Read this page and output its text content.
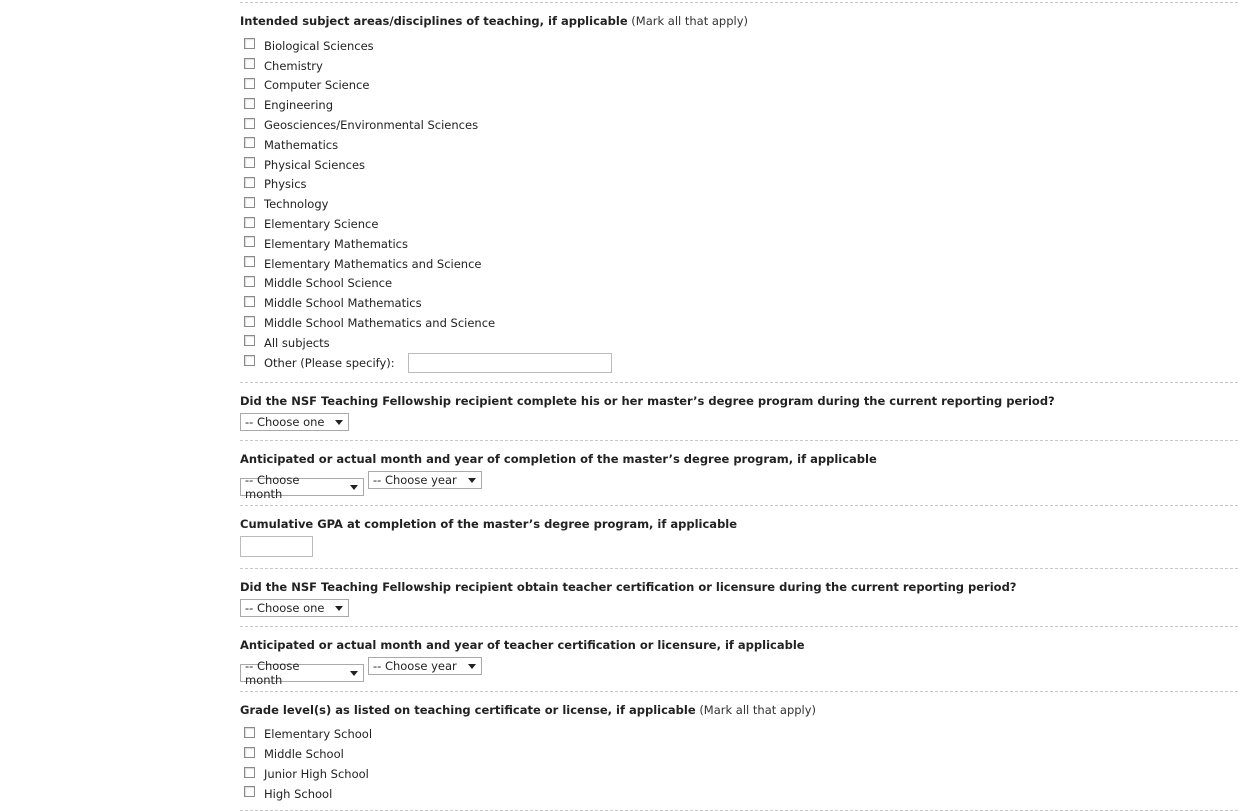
Intended subject areas/disciplines of teaching, if applicable (Mark all that apply)
Biological Sciences
Chemistry
Computer Science
Engineering
Geosciences/Environmental Sciences
Mathematics
Physical Sciences
Physics
Technology
Elementary Science
Elementary Mathematics
Elementary Mathematics and Science
Middle School Science
Middle School Mathematics
Middle School Mathematics and Science
All subjects
Other (Please specify):
Did the NSF Teaching Fellowship recipient complete his or her master’s degree program during the current reporting period?
-- Choose one
Anticipated or actual month and year of completion of the master’s degree program, if applicable
-- Choose month
-- Choose year
Cumulative GPA at completion of the master’s degree program, if applicable
Did the NSF Teaching Fellowship recipient obtain teacher certification or licensure during the current reporting period?
-- Choose one
Anticipated or actual month and year of teacher certification or licensure, if applicable
-- Choose month
-- Choose year
Grade level(s) as listed on teaching certificate or license, if applicable (Mark all that apply)
Elementary School
Middle School
Junior High School
High School
